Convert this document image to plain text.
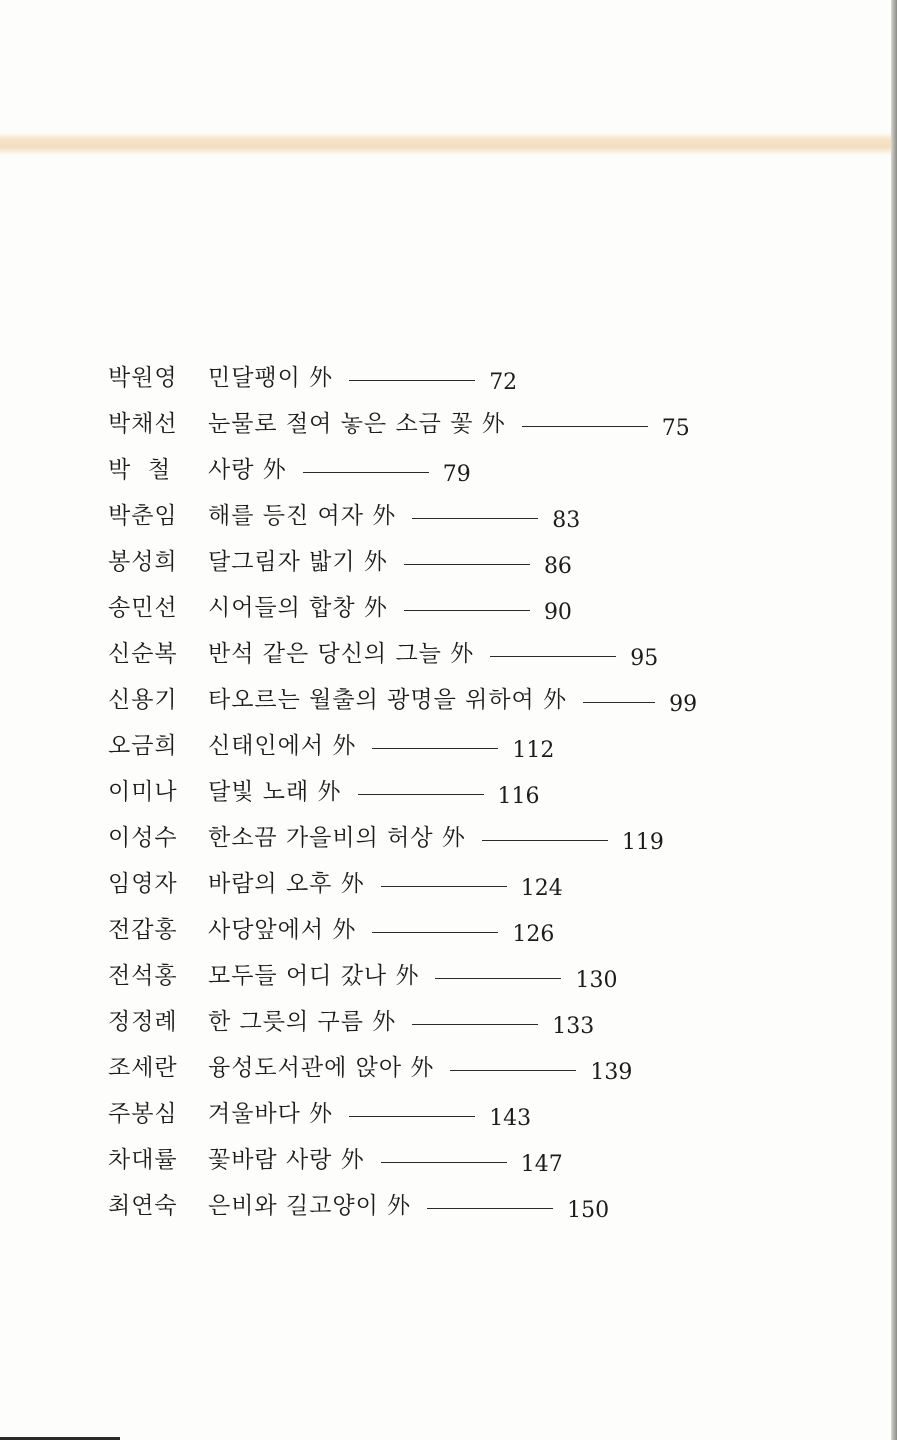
박원영	민달팽이 外	72
박채선	눈물로 절여 놓은 소금 꽃 外	75
박  철	사랑 外	79
박춘임	해를 등진 여자 外	83
봉성희	달그림자 밟기 外	86
송민선	시어들의 합창 外	90
신순복	반석 같은 당신의 그늘 外	95
신용기	타오르는 월출의 광명을 위하여 外	99
오금희	신태인에서 外	112
이미나	달빛 노래 外	116
이성수	한소끔 가을비의 허상 外	119
임영자	바람의 오후 外	124
전갑홍	사당앞에서 外	126
전석홍	모두들 어디 갔나 外	130
정정례	한 그릇의 구름 外	133
조세란	융성도서관에 앉아 外	139
주봉심	겨울바다 外	143
차대률	꽃바람 사랑 外	147
최연숙	은비와 길고양이 外	150
